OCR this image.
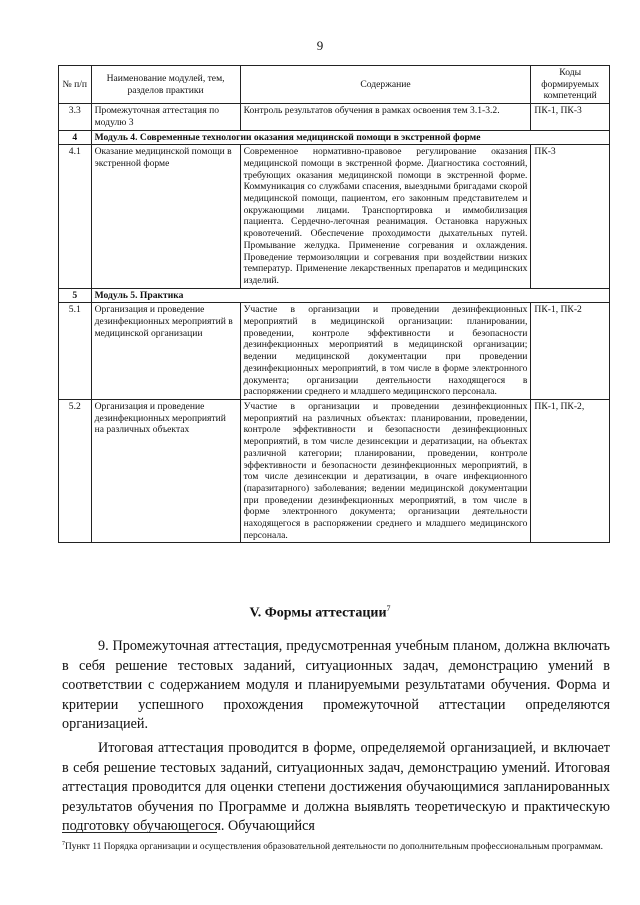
9
№ п/п	Наименование модулей, тем, разделов практики	Содержание	Коды формируемых компетенций
3.3	Промежуточная аттестация по модулю 3	Контроль результатов обучения в рамках освоения тем 3.1-3.2.	ПК-1, ПК-3
4	Модуль 4. Современные технологии оказания медицинской помощи в экстренной форме		
4.1	Оказание медицинской помощи в экстренной форме	Современное нормативно-правовое регулирование оказания медицинской помощи в экстренной форме. Диагностика состояний, требующих оказания медицинской помощи в экстренной форме. Коммуникация со службами спасения, выездными бригадами скорой медицинской помощи, пациентом, его законным представителем и окружающими лицами. Транспортировка и иммобилизация пациента. Сердечно-легочная реанимация. Остановка наружных кровотечений. Обеспечение проходимости дыхательных путей. Промывание желудка. Применение согревания и охлаждения. Проведение термоизоляции и согревания при воздействии низких температур. Применение лекарственных препаратов и медицинских изделий.	ПК-3
5	Модуль 5. Практика		
5.1	Организация и проведение дезинфекционных мероприятий в медицинской организации	Участие в организации и проведении дезинфекционных мероприятий в медицинской организации: планировании, проведении, контроле эффективности и безопасности дезинфекционных мероприятий в медицинской организации; ведении медицинской документации при проведении дезинфекционных мероприятий, в том числе в форме электронного документа; организации деятельности находящегося в распоряжении среднего и младшего медицинского персонала.	ПК-1, ПК-2
5.2	Организация и проведение дезинфекционных мероприятий на различных объектах	Участие в организации и проведении дезинфекционных мероприятий на различных объектах: планировании, проведении, контроле эффективности и безопасности дезинфекционных мероприятий, в том числе дезинсекции и дератизации, на объектах различной категории; планировании, проведении, контроле эффективности и безопасности дезинфекционных мероприятий, в том числе дезинсекции и дератизации, в очаге инфекционного (паразитарного) заболевания; ведении медицинской документации при проведении дезинфекционных мероприятий, в том числе в форме электронного документа; организации деятельности находящегося в распоряжении среднего и младшего медицинского персонала.	ПК-1, ПК-2,
V. Формы аттестации$^7$

9. Промежуточная аттестация, предусмотренная учебным планом, должна включать в себя решение тестовых заданий, ситуационных задач, демонстрацию умений в соответствии с содержанием модуля и планируемыми результатами обучения. Форма и критерии успешного прохождения промежуточной аттестации определяются организацией.

Итоговая аттестация проводится в форме, определяемой организацией, и включает в себя решение тестовых заданий, ситуационных задач, демонстрацию умений. Итоговая аттестация проводится для оценки степени достижения обучающимися запланированных результатов обучения по Программе и должна выявлять теоретическую и практическую подготовку обучающегося. Обучающийся

$^7$Пункт 11 Порядка организации и осуществления образовательной деятельности по дополнительным профессиональным программам.
